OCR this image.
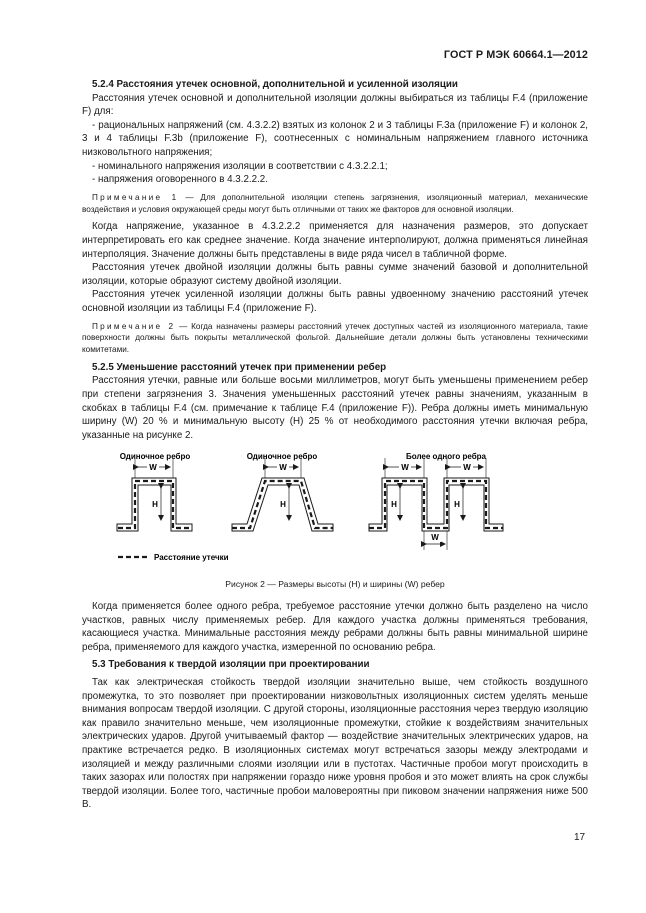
ГОСТ Р МЭК 60664.1—2012

5.2.4 Расстояния утечек основной, дополнительной и усиленной изоляции

Расстояния утечек основной и дополнительной изоляции должны выбираться из таблицы F.4 (приложение F) для:

- рациональных напряжений (см. 4.3.2.2) взятых из колонок 2 и 3 таблицы F.3a (приложение F) и колонок 2, 3 и 4 таблицы F.3b (приложение F), соотнесенных с номинальным напряжением главного источника низковольтного напряжения;

- номинального напряжения изоляции в соответствии с 4.3.2.2.1;

- напряжения оговоренного в 4.3.2.2.2.

Примечание 1 — Для дополнительной изоляции степень загрязнения, изоляционный материал, механические воздействия и условия окружающей среды могут быть отличными от таких же факторов для основной изоляции.

Когда напряжение, указанное в 4.3.2.2.2 применяется для назначения размеров, это допускает интерпретировать его как среднее значение. Когда значение интерполируют, должна применяться линейная интерполяция. Значение должны быть представлены в виде ряда чисел в табличной форме.

Расстояния утечек двойной изоляции должны быть равны сумме значений базовой и дополнительной изоляции, которые образуют систему двойной изоляции.

Расстояния утечек усиленной изоляции должны быть равны удвоенному значению расстояний утечек основной изоляции из таблицы F.4 (приложение F).

Примечание 2 — Когда назначены размеры расстояний утечек доступных частей из изоляционного материала, такие поверхности должны быть покрыты металлической фольгой. Дальнейшие детали должны быть установлены техническими комитетами.

5.2.5 Уменьшение расстояний утечек при применении ребер

Расстояния утечки, равные или больше восьми миллиметров, могут быть уменьшены применением ребер при степени загрязнения 3. Значения уменьшенных расстояний утечек равны значениям, указанным в скобках в таблицы F.4 (см. примечание к таблице F.4 (приложение F)). Ребра должны иметь минимальную ширину (W) 20 % и минимальную высоту (H) 25 % от необходимого расстояния утечки включая ребра, указанные на рисунке 2.

Одиночное ребро	Одиночное ребро	Более одного ребра
W
H
W
H
W	W
H	H
W
Расстояние утечки

Рисунок 2 — Размеры высоты (H) и ширины (W) ребер

Когда применяется более одного ребра, требуемое расстояние утечки должно быть разделено на число участков, равных числу применяемых ребер. Для каждого участка должны применяться требования, касающиеся участка. Минимальные расстояния между ребрами должны быть равны минимальной ширине ребра, применяемого для каждого участка, измеренной по основанию ребра.

5.3 Требования к твердой изоляции при проектировании

Так как электрическая стойкость твердой изоляции значительно выше, чем стойкость воздушного промежутка, то это позволяет при проектировании низковольтных изоляционных систем уделять меньше внимания вопросам твердой изоляции. С другой стороны, изоляционные расстояния через твердую изоляцию как правило значительно меньше, чем изоляционные промежутки, стойкие к воздействиям значительных электрических ударов. Другой учитываемый фактор — воздействие значительных электрических ударов, на практике встречается редко. В изоляционных системах могут встречаться зазоры между электродами и изоляцией и между различными слоями изоляции или в пустотах. Частичные пробои могут происходить в таких зазорах или полостях при напряжении гораздо ниже уровня пробоя и это может влиять на срок службы твердой изоляции. Более того, частичные пробои маловероятны при пиковом значении напряжения ниже 500 В.

17
